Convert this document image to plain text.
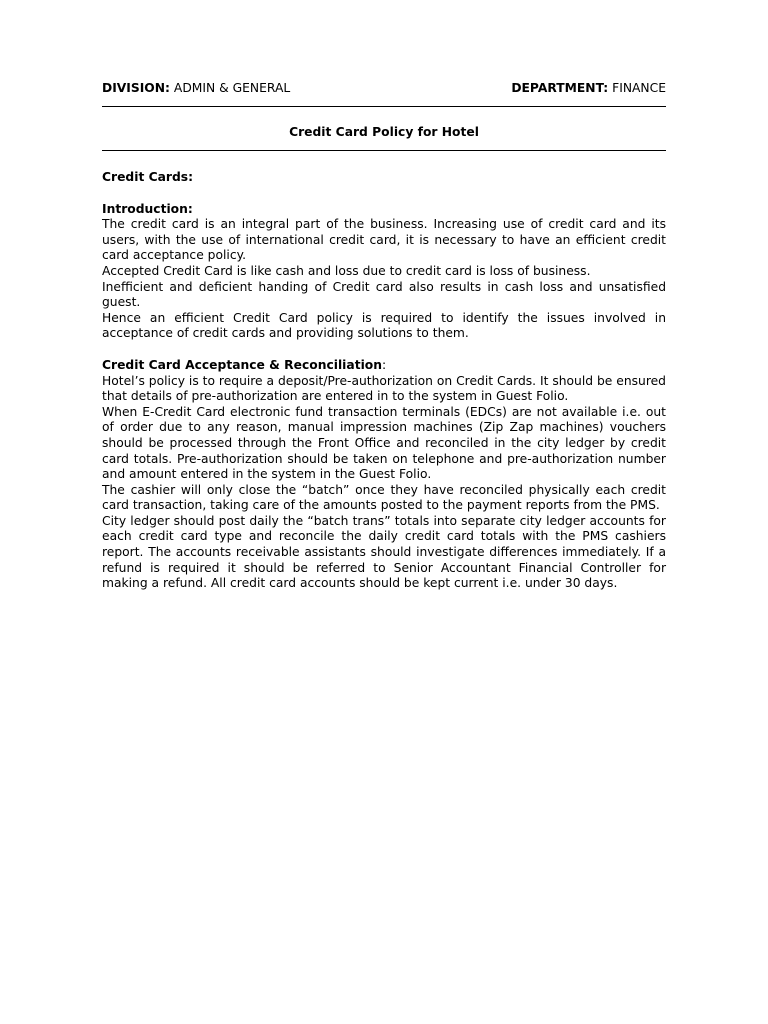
DIVISION: ADMIN & GENERAL	DEPARTMENT: FINANCE
Credit Card Policy for Hotel
Credit Cards:
Introduction:

The credit card is an integral part of the business. Increasing use of credit card and its users, with the use of international credit card, it is necessary to have an efficient credit card acceptance policy.

Accepted Credit Card is like cash and loss due to credit card is loss of business.

Inefficient and deficient handing of Credit card also results in cash loss and unsatisfied guest.

Hence an efficient Credit Card policy is required to identify the issues involved in acceptance of credit cards and providing solutions to them.

Credit Card Acceptance & Reconciliation:

Hotel’s policy is to require a deposit/Pre-authorization on Credit Cards. It should be ensured that details of pre-authorization are entered in to the system in Guest Folio.

When E-Credit Card electronic fund transaction terminals (EDCs) are not available i.e. out of order due to any reason, manual impression machines (Zip Zap machines) vouchers should be processed through the Front Office and reconciled in the city ledger by credit card totals. Pre-authorization should be taken on telephone and pre-authorization number and amount entered in the system in the Guest Folio.

The cashier will only close the “batch” once they have reconciled physically each credit card transaction, taking care of the amounts posted to the payment reports from the PMS.

City ledger should post daily the “batch trans” totals into separate city ledger accounts for each credit card type and reconcile the daily credit card totals with the PMS cashiers report. The accounts receivable assistants should investigate differences immediately. If a refund is required it should be referred to Senior Accountant Financial Controller for making a refund. All credit card accounts should be kept current i.e. under 30 days.
